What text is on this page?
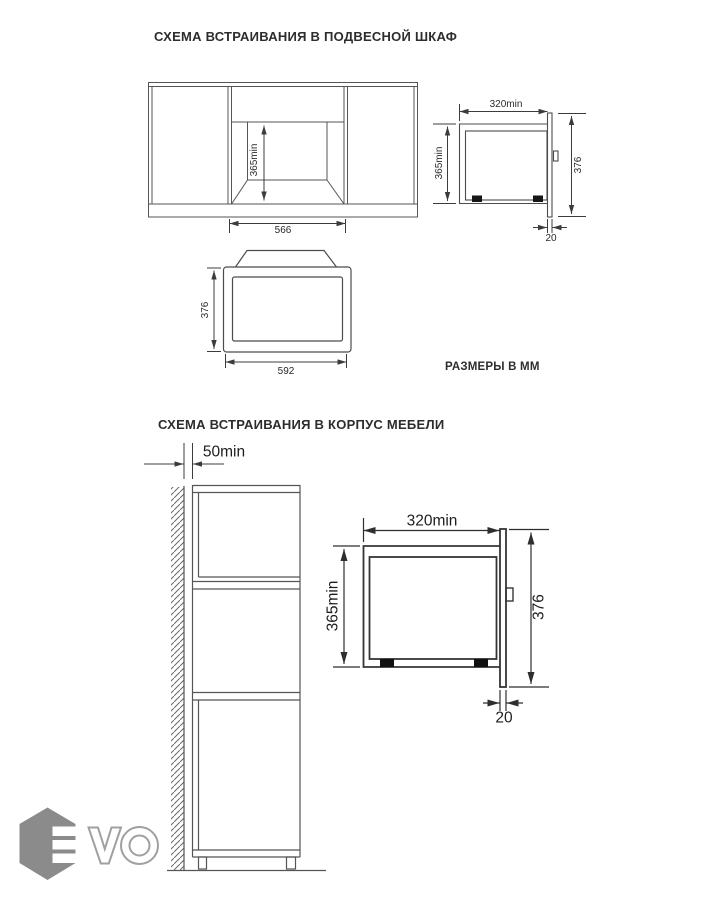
СХЕМА ВСТРАИВАНИЯ В ПОДВЕСНОЙ ШКАФ
365min
566
320min
365min	376
20
376
592	РАЗМЕРЫ В ММ
СХЕМА ВСТРАИВАНИЯ В КОРПУС МЕБЕЛИ
50min
320min
365min	376
20
